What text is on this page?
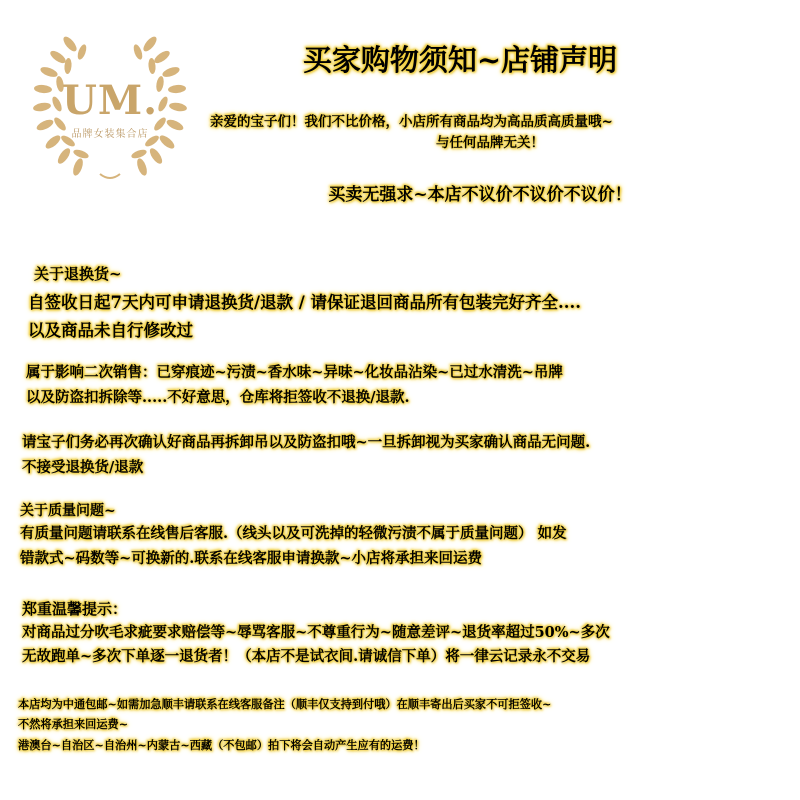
UM.
品牌女装集合店
买家购物须知~店铺声明
亲爱的宝子们！我们不比价格，小店所有商品均为高品质高质量哦~
与任何品牌无关！
买卖无强求~本店不议价不议价不议价！
关于退换货~
自签收日起7天内可申请退换货/退款 / 请保证退回商品所有包装完好齐全....
以及商品未自行修改过
属于影响二次销售：已穿痕迹~污渍~香水味~异味~化妆品沾染~已过水清洗~吊牌
以及防盗扣拆除等.....不好意思，仓库将拒签收不退换/退款.
请宝子们务必再次确认好商品再拆卸吊以及防盗扣哦~一旦拆卸视为买家确认商品无问题.
不接受退换货/退款
关于质量问题~
有质量问题请联系在线售后客服.（线头以及可洗掉的轻微污渍不属于质量问题） 如发
错款式~码数等~可换新的.联系在线客服申请换款~小店将承担来回运费
郑重温馨提示：
对商品过分吹毛求疵要求赔偿等~辱骂客服~不尊重行为~随意差评~退货率超过50%~多次
无故跑单~多次下单逐一退货者！（本店不是试衣间.请诚信下单）将一律云记录永不交易
本店均为中通包邮~如需加急顺丰请联系在线客服备注（顺丰仅支持到付哦）在顺丰寄出后买家不可拒签收~
不然将承担来回运费~
港澳台~自治区~自治州~内蒙古~西藏（不包邮）拍下将会自动产生应有的运费！
